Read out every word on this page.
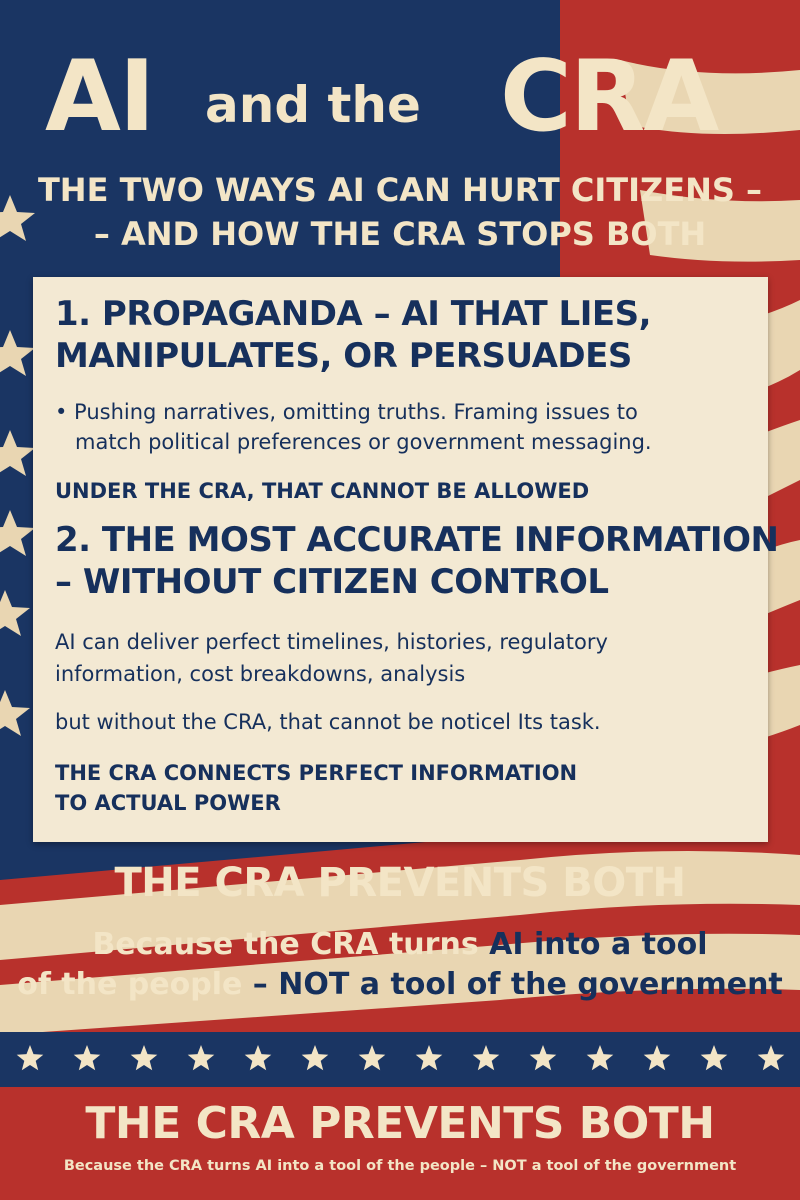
AI and the CRA
THE TWO WAYS AI CAN HURT CITIZENS –
– AND HOW THE CRA STOPS BOTH
1. PROPAGANDA – AI THAT LIES,
MANIPULATES, OR PERSUADES
• Pushing narratives, omitting truths. Framing issues to
match political preferences or government messaging.
UNDER THE CRA, THAT CANNOT BE ALLOWED
2. THE MOST ACCURATE INFORMATION
– WITHOUT CITIZEN CONTROL
AI can deliver perfect timelines, histories, regulatory
information, cost breakdowns, analysis
but without the CRA, that cannot be noticel Its task.
THE CRA CONNECTS PERFECT INFORMATION
TO ACTUAL POWER
THE CRA PREVENTS BOTH
Because the CRA turns AI into a tool
of the people – NOT a tool of the government
THE CRA PREVENTS BOTH
Because the CRA turns AI into a tool of the people – NOT a tool of the government
